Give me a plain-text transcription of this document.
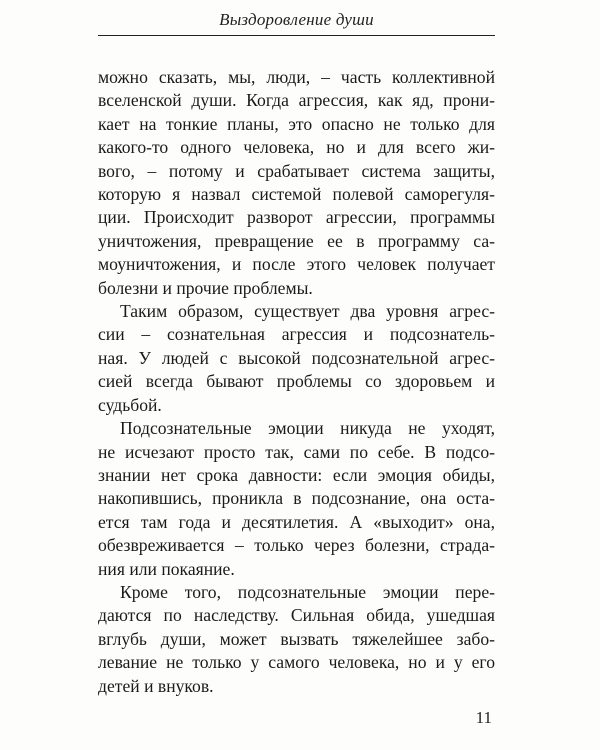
Выздоровление души
можно сказать, мы, люди, – часть коллективной
вселенской души. Когда агрессия, как яд, прони-
кает на тонкие планы, это опасно не только для
какого-то одного человека, но и для всего жи-
вого, – потому и срабатывает система защиты,
которую я назвал системой полевой саморегуля-
ции. Происходит разворот агрессии, программы
уничтожения, превращение ее в программу са-
моуничтожения, и после этого человек получает
болезни и прочие проблемы.
Таким образом, существует два уровня агрес-
сии – сознательная агрессия и подсознатель-
ная. У людей с высокой подсознательной агрес-
сией всегда бывают проблемы со здоровьем и
судьбой.
Подсознательные эмоции никуда не уходят,
не исчезают просто так, сами по себе. В подсо-
знании нет срока давности: если эмоция обиды,
накопившись, проникла в подсознание, она оста-
ется там года и десятилетия. А «выходит» она,
обезвреживается – только через болезни, страда-
ния или покаяние.
Кроме того, подсознательные эмоции пере-
даются по наследству. Сильная обида, ушедшая
вглубь души, может вызвать тяжелейшее забо-
левание не только у самого человека, но и у его
детей и внуков.
11
